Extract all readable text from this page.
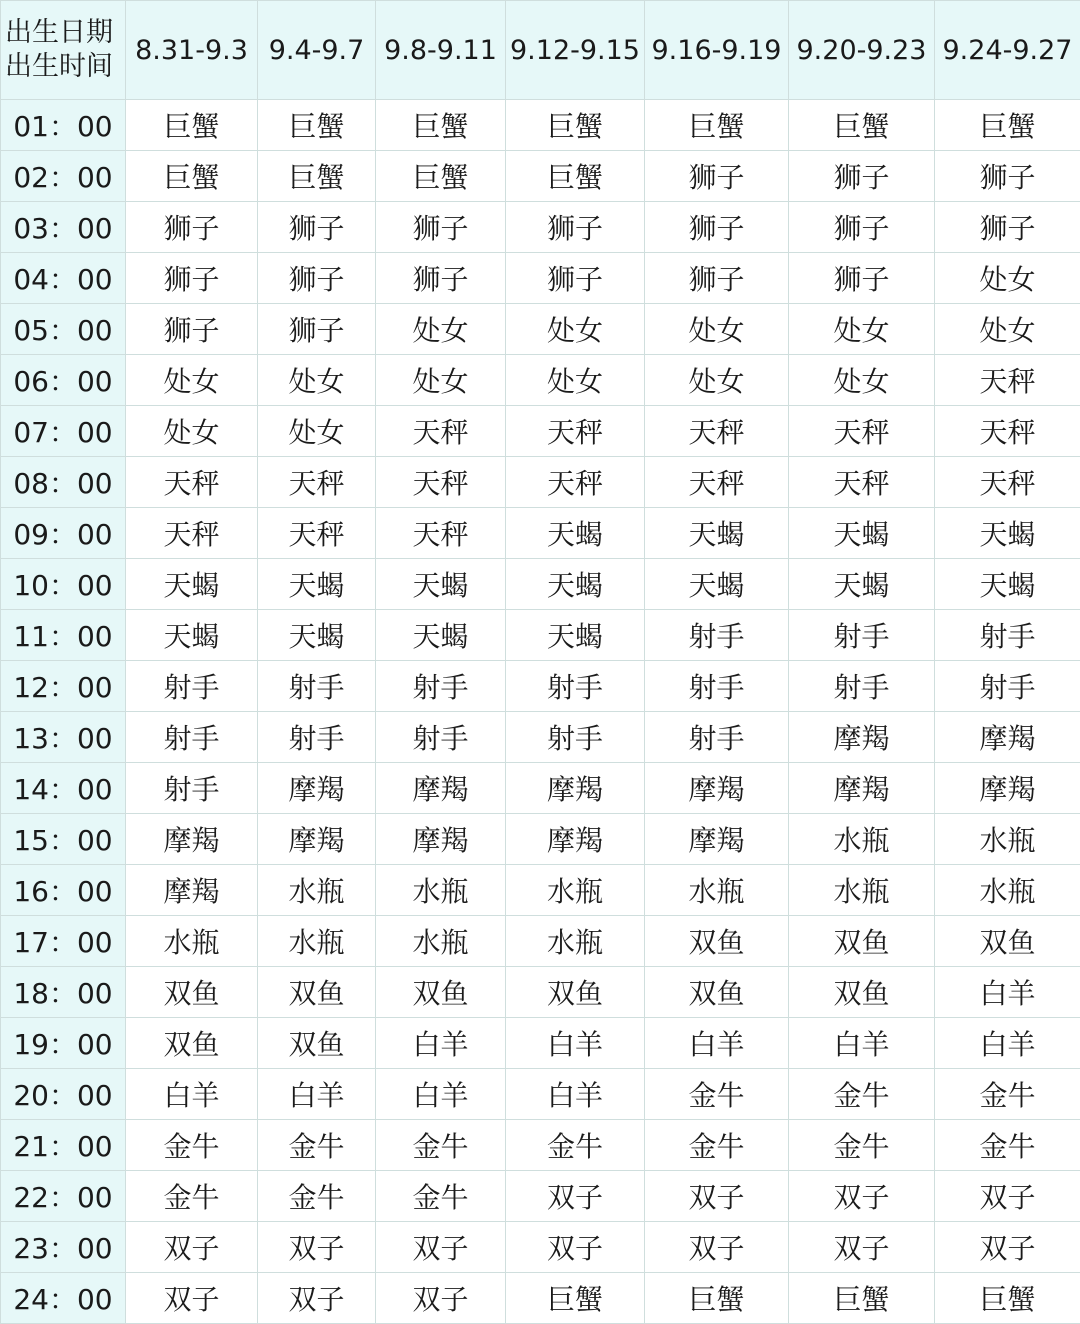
出生日期
出生时间	8.31-9.3	9.4-9.7	9.8-9.11	9.12-9.15	9.16-9.19	9.20-9.23	9.24-9.27
01：00	巨蟹	巨蟹	巨蟹	巨蟹	巨蟹	巨蟹	巨蟹
02：00	巨蟹	巨蟹	巨蟹	巨蟹	狮子	狮子	狮子
03：00	狮子	狮子	狮子	狮子	狮子	狮子	狮子
04：00	狮子	狮子	狮子	狮子	狮子	狮子	处女
05：00	狮子	狮子	处女	处女	处女	处女	处女
06：00	处女	处女	处女	处女	处女	处女	天秤
07：00	处女	处女	天秤	天秤	天秤	天秤	天秤
08：00	天秤	天秤	天秤	天秤	天秤	天秤	天秤
09：00	天秤	天秤	天秤	天蝎	天蝎	天蝎	天蝎
10：00	天蝎	天蝎	天蝎	天蝎	天蝎	天蝎	天蝎
11：00	天蝎	天蝎	天蝎	天蝎	射手	射手	射手
12：00	射手	射手	射手	射手	射手	射手	射手
13：00	射手	射手	射手	射手	射手	摩羯	摩羯
14：00	射手	摩羯	摩羯	摩羯	摩羯	摩羯	摩羯
15：00	摩羯	摩羯	摩羯	摩羯	摩羯	水瓶	水瓶
16：00	摩羯	水瓶	水瓶	水瓶	水瓶	水瓶	水瓶
17：00	水瓶	水瓶	水瓶	水瓶	双鱼	双鱼	双鱼
18：00	双鱼	双鱼	双鱼	双鱼	双鱼	双鱼	白羊
19：00	双鱼	双鱼	白羊	白羊	白羊	白羊	白羊
20：00	白羊	白羊	白羊	白羊	金牛	金牛	金牛
21：00	金牛	金牛	金牛	金牛	金牛	金牛	金牛
22：00	金牛	金牛	金牛	双子	双子	双子	双子
23：00	双子	双子	双子	双子	双子	双子	双子
24：00	双子	双子	双子	巨蟹	巨蟹	巨蟹	巨蟹
